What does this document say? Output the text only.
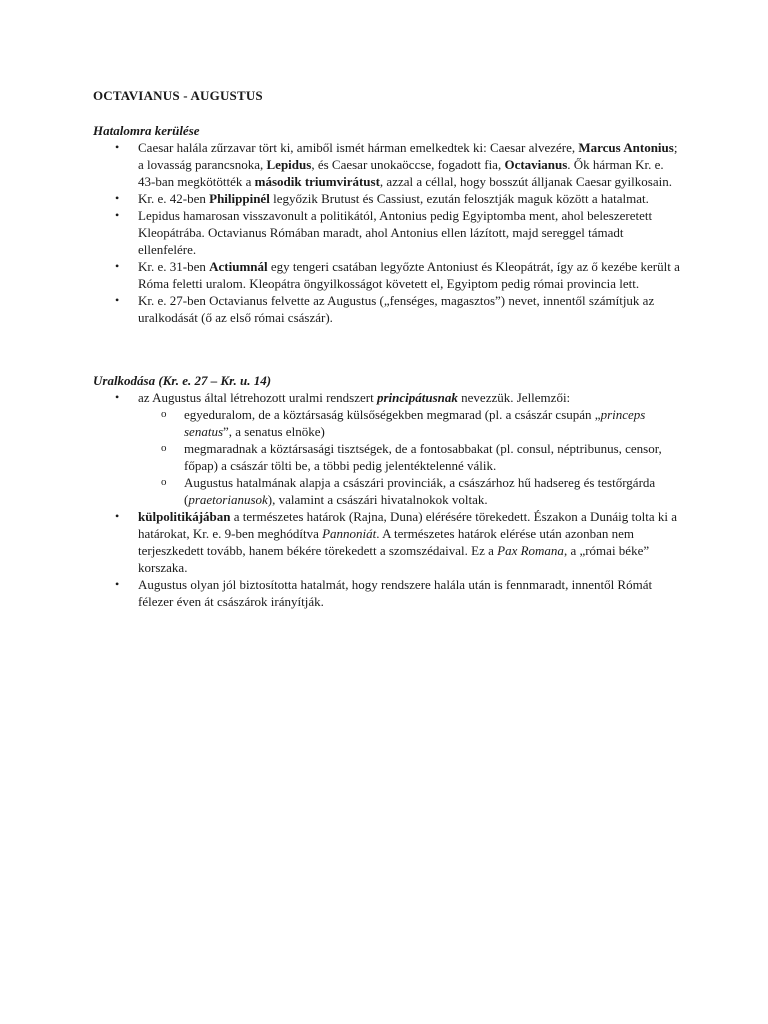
OCTAVIANUS - AUGUSTUS
Hatalomra kerülése
• Caesar halála zűrzavar tört ki, amiből ismét hárman emelkedtek ki: Caesar alvezére, Marcus Antonius; a lovasság parancsnoka, Lepidus, és Caesar unokaöccse, fogadott fia, Octavianus. Ők hárman Kr. e. 43-ban megkötötték a második triumvirátust, azzal a céllal, hogy bosszút álljanak Caesar gyilkosain.
• Kr. e. 42-ben Philippinél legyőzik Brutust és Cassiust, ezután felosztják maguk között a hatalmat.
• Lepidus hamarosan visszavonult a politikától, Antonius pedig Egyiptomba ment, ahol beleszeretett Kleopátrába. Octavianus Rómában maradt, ahol Antonius ellen lázított, majd sereggel támadt ellenfelére.
• Kr. e. 31-ben Actiumnál egy tengeri csatában legyőzte Antoniust és Kleopátrát, így az ő kezébe került a Róma feletti uralom. Kleopátra öngyilkosságot követett el, Egyiptom pedig római provincia lett.
• Kr. e. 27-ben Octavianus felvette az Augustus („fenséges, magasztos”) nevet, innentől számítjuk az uralkodását (ő az első római császár).
Uralkodása (Kr. e. 27 – Kr. u. 14)
• az Augustus által létrehozott uralmi rendszert principátusnak nevezzük. Jellemzői:
o egyeduralom, de a köztársaság külsőségekben megmarad (pl. a császár csupán „princeps senatus”, a senatus elnöke)
o megmaradnak a köztársasági tisztségek, de a fontosabbakat (pl. consul, néptribunus, censor, főpap) a császár tölti be, a többi pedig jelentéktelenné válik.
o Augustus hatalmának alapja a császári provinciák, a császárhoz hű hadsereg és testőrgárda (praetorianusok), valamint a császári hivatalnokok voltak.
• külpolitikájában a természetes határok (Rajna, Duna) elérésére törekedett. Északon a Dunáig tolta ki a határokat, Kr. e. 9-ben meghódítva Pannoniát. A természetes határok elérése után azonban nem terjeszkedett tovább, hanem békére törekedett a szomszédaival. Ez a Pax Romana, a „római béke” korszaka.
• Augustus olyan jól biztosította hatalmát, hogy rendszere halála után is fennmaradt, innentől Rómát félezer éven át császárok irányítják.
